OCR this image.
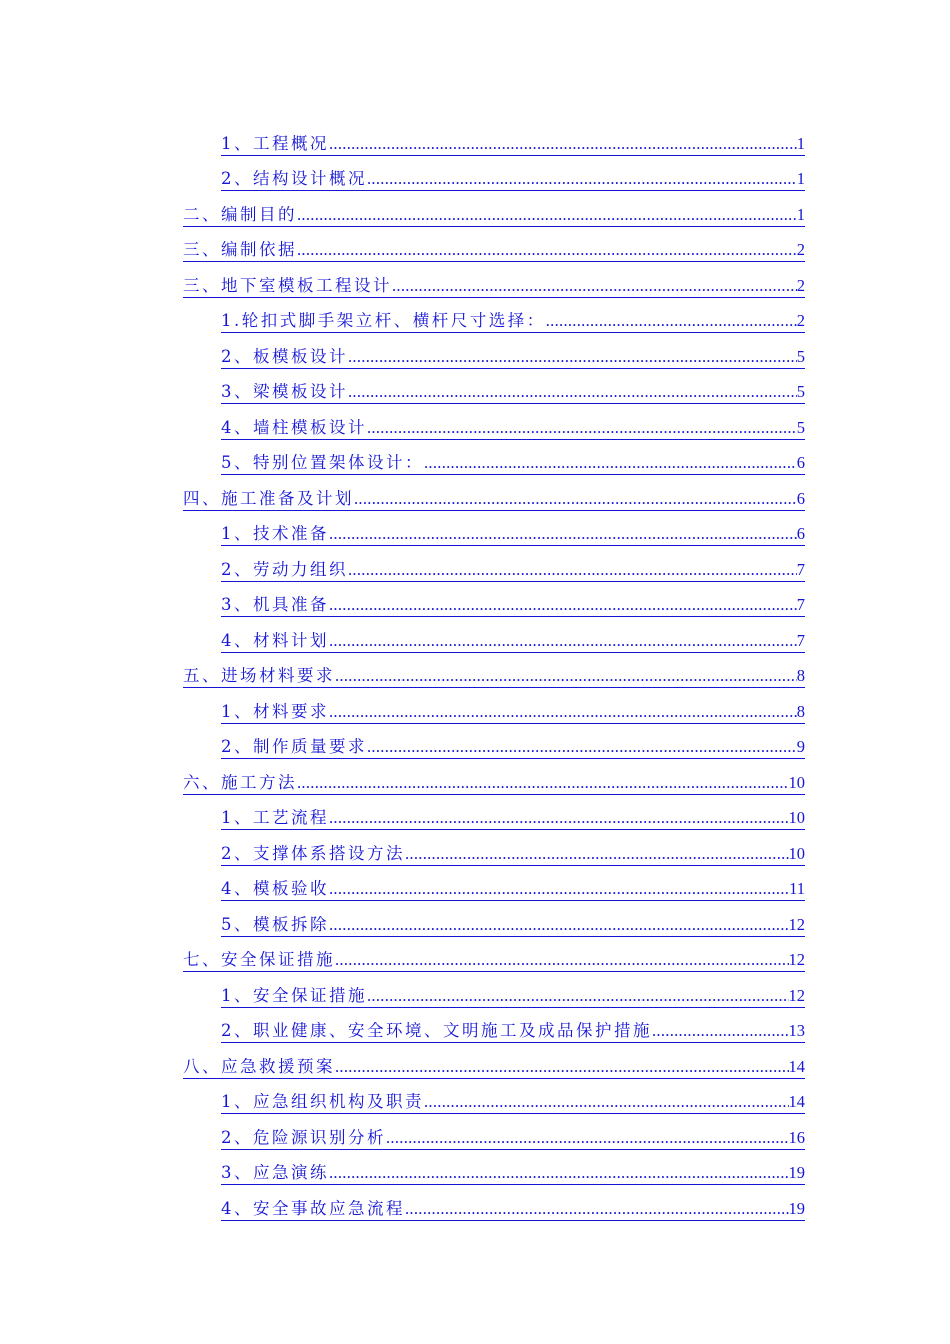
1、工程概况 .....	1
2、结构设计概况 .....	1
二、编制目的 .....	1
三、编制依据 .....	2
三、地下室模板工程设计 .....	2
1.轮扣式脚手架立杆、横杆尺寸选择： .....	2
2、板模板设计 .....	5
3、梁模板设计 .....	5
4、墙柱模板设计 .....	5
5、特别位置架体设计： .....	6
四、施工准备及计划 .....	6
1、技术准备 .....	6
2、劳动力组织 .....	7
3、机具准备 .....	7
4、材料计划 .....	7
五、进场材料要求 .....	8
1、材料要求 .....	8
2、制作质量要求 .....	9
六、施工方法 .....	10
1、工艺流程 .....	10
2、支撑体系搭设方法 .....	10
4、模板验收 .....	11
5、模板拆除 .....	12
七、安全保证措施 .....	12
1、安全保证措施 .....	12
2、职业健康、安全环境、文明施工及成品保护措施 .....	13
八、应急救援预案 .....	14
1、应急组织机构及职责 .....	14
2、危险源识别分析 .....	16
3、应急演练 .....	19
4、安全事故应急流程 .....	19
